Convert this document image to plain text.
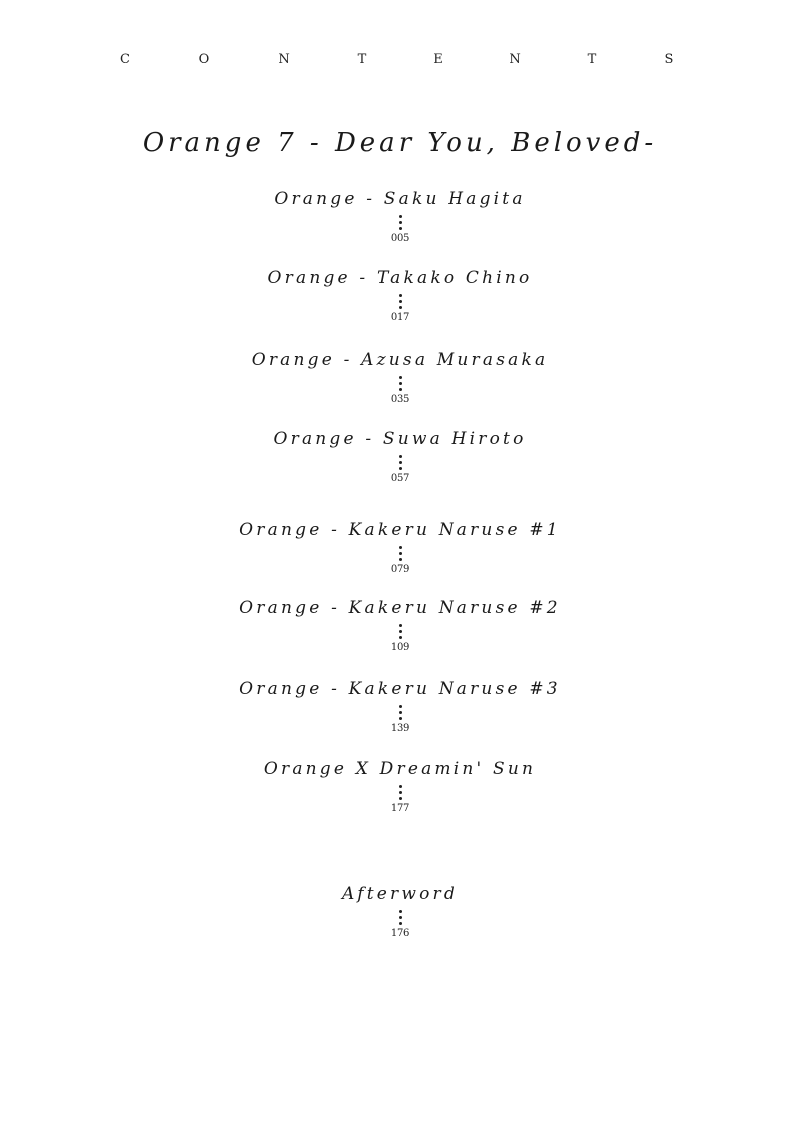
C	O	N	T	E	N	T	S
Orange 7 - Dear You, Beloved-
Orange - Saku Hagita
005
Orange - Takako Chino
017
Orange - Azusa Murasaka
035
Orange - Suwa Hiroto
057
Orange - Kakeru Naruse #1
079
Orange - Kakeru Naruse #2
109
Orange - Kakeru Naruse #3
139
Orange X Dreamin' Sun
177
Afterword
176
